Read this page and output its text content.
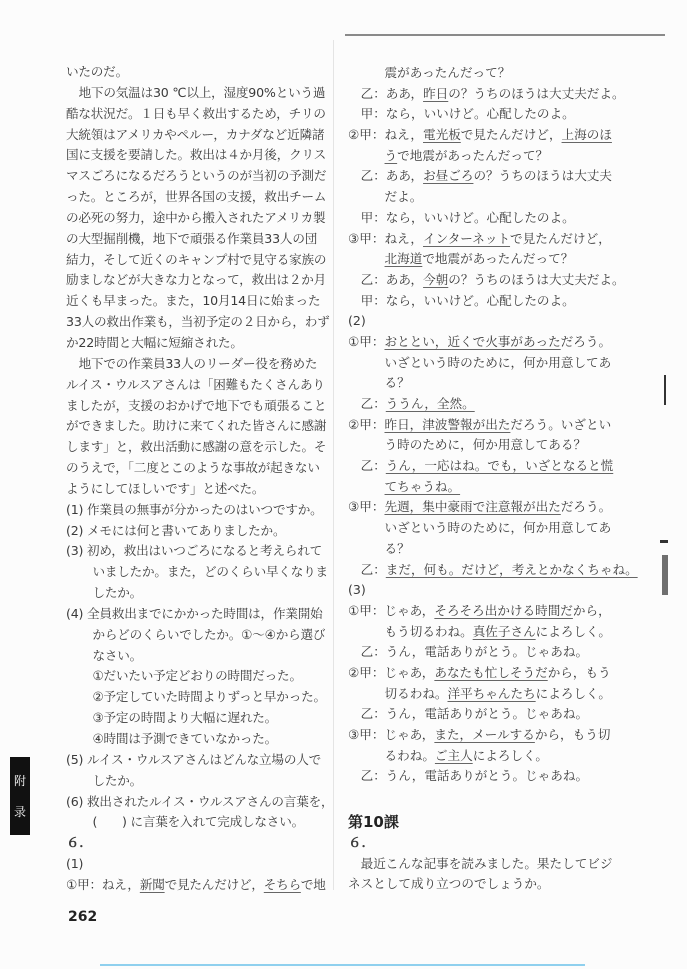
附
录
いたのだ。
地下の気温は30 ℃以上，湿度90%という過
酷な状況だ。１日も早く救出するため，チリの
大統領はアメリカやペルー，カナダなど近隣諸
国に支援を要請した。救出は４か月後，クリス
マスごろになるだろうというのが当初の予測だ
った。ところが，世界各国の支援，救出チーム
の必死の努力，途中から搬入されたアメリカ製
の大型掘削機，地下で頑張る作業員33人の団
結力，そして近くのキャンプ村で見守る家族の
励ましなどが大きな力となって，救出は２か月
近くも早まった。また，10月14日に始まった
33人の救出作業も，当初予定の２日から，わず
か22時間と大幅に短縮された。
地下での作業員33人のリーダー役を務めた
ルイス・ウルスアさんは「困難もたくさんあり
ましたが，支援のおかげで地下でも頑張ること
ができました。助けに来てくれた皆さんに感謝
します」と，救出活動に感謝の意を示した。そ
のうえで，「二度とこのような事故が起きない
ようにしてほしいです」と述べた。
(1) 作業員の無事が分かったのはいつですか。
(2) メモには何と書いてありましたか。
(3) 初め，救出はいつごろになると考えられて
いましたか。また，どのくらい早くなりま
したか。
(4) 全員救出までにかかった時間は，作業開始
からどのくらいでしたか。①～④から選び
なさい。
①だいたい予定どおりの時間だった。
②予定していた時間よりずっと早かった。
③予定の時間より大幅に遅れた。
④時間は予測できていなかった。
(5) ルイス・ウルスアさんはどんな立場の人で
したか。
(6) 救出されたルイス・ウルスアさんの言葉を，
(　　) に言葉を入れて完成しなさい。
６．
(1)
①甲：ねえ，新聞で見たんだけど，そちらで地
震があったんだって？
乙：ああ，昨日の？うちのほうは大丈夫だよ。
甲：なら，いいけど。心配したのよ。
②甲：ねえ，電光板で見たんだけど，上海のほ
うで地震があったんだって？
乙：ああ，お昼ごろの？うちのほうは大丈夫
だよ。
甲：なら，いいけど。心配したのよ。
③甲：ねえ，インターネットで見たんだけど，
北海道で地震があったんだって？
乙：ああ，今朝の？うちのほうは大丈夫だよ。
甲：なら，いいけど。心配したのよ。
(2)
①甲：おととい，近くで火事があっただろう。
いざという時のために，何か用意してあ
る？
乙：ううん，全然。
②甲：昨日，津波警報が出ただろう。いざとい
う時のために，何か用意してある？
乙：うん，一応はね。でも，いざとなると慌
てちゃうね。
③甲：先週，集中豪雨で注意報が出ただろう。
いざという時のために，何か用意してあ
る？
乙：まだ，何も。だけど，考えとかなくちゃね。
(3)
①甲：じゃあ，そろそろ出かける時間だから，
もう切るわね。真佐子さんによろしく。
乙：うん，電話ありがとう。じゃあね。
②甲：じゃあ，あなたも忙しそうだから，もう
切るわね。洋平ちゃんたちによろしく。
乙：うん，電話ありがとう。じゃあね。
③甲：じゃあ，また，メールするから，もう切
るわね。ご主人によろしく。
乙：うん，電話ありがとう。じゃあね。
第10課
６．
最近こんな記事を読みました。果たしてビジ
ネスとして成り立つのでしょうか。
262
